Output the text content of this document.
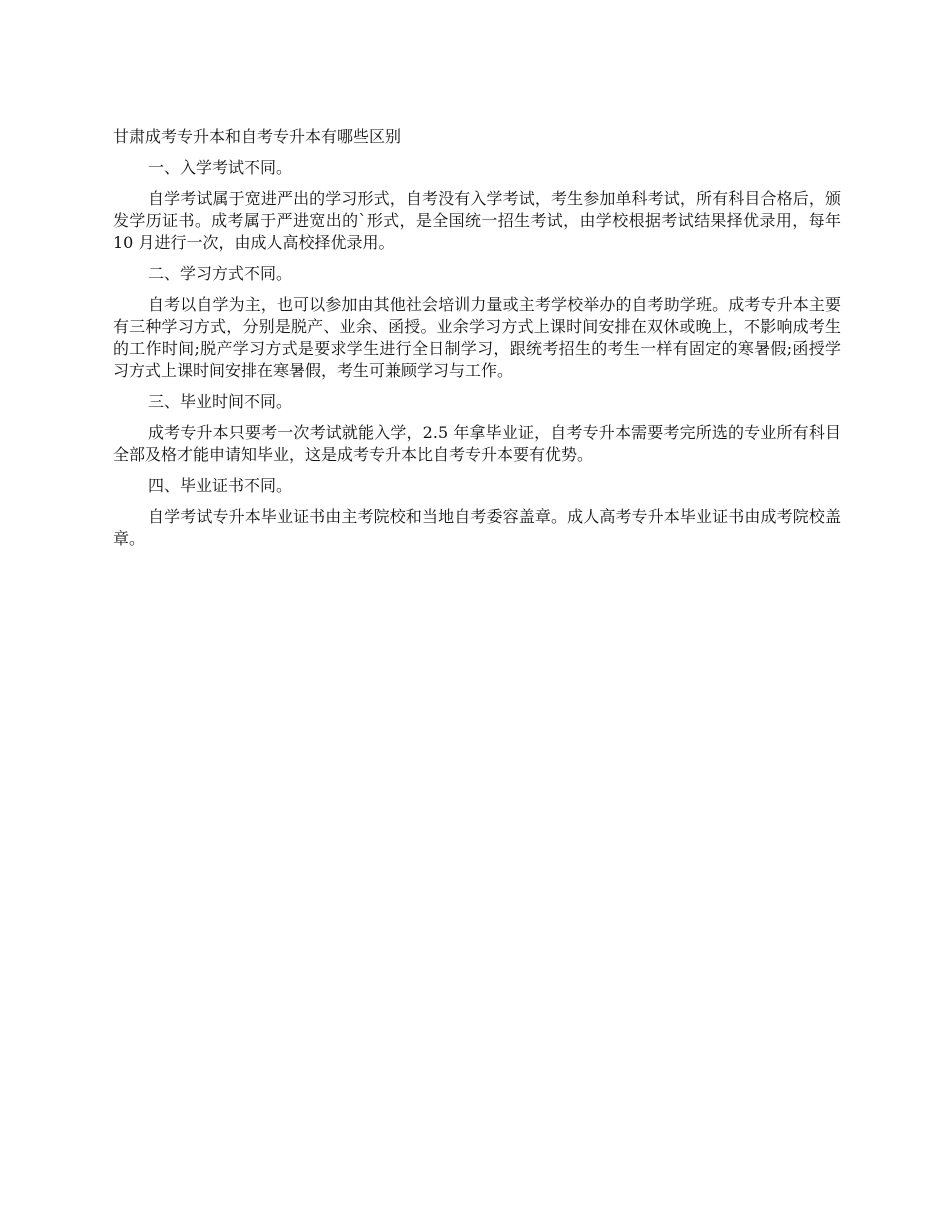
甘肃成考专升本和自考专升本有哪些区别

一、入学考试不同。

自学考试属于宽进严出的学习形式，自考没有入学考试，考生参加单科考试，所有科目合格后，颁发学历证书。成考属于严进宽出的`形式，是全国统一招生考试，由学校根据考试结果择优录用，每年 10 月进行一次，由成人高校择优录用。

二、学习方式不同。

自考以自学为主，也可以参加由其他社会培训力量或主考学校举办的自考助学班。成考专升本主要有三种学习方式，分别是脱产、业余、函授。业余学习方式上课时间安排在双休或晚上，不影响成考生的工作时间;脱产学习方式是要求学生进行全日制学习，跟统考招生的考生一样有固定的寒暑假;函授学习方式上课时间安排在寒暑假，考生可兼顾学习与工作。

三、毕业时间不同。

成考专升本只要考一次考试就能入学，2.5 年拿毕业证，自考专升本需要考完所选的专业所有科目全部及格才能申请知毕业，这是成考专升本比自考专升本要有优势。

四、毕业证书不同。

自学考试专升本毕业证书由主考院校和当地自考委容盖章。成人高考专升本毕业证书由成考院校盖章。
